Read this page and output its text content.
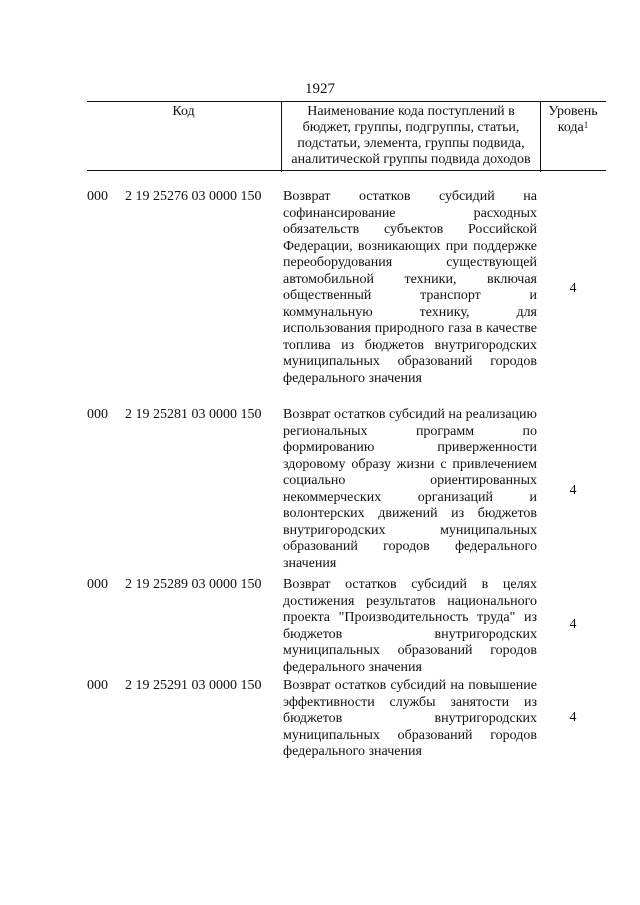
1927
Код	Наименование кода поступлений в бюджет, группы, подгруппы, статьи, подстатьи, элемента, группы подвида, аналитической группы подвида доходов
Уровень кода$^1$
000 2 19 25276 03 0000 150 Возврат остатков субсидий на софинансирование расходных обязательств субъектов Российской Федерации, возникающих при поддержке переоборудования существующей автомобильной техники, включая общественный транспорт и коммунальную технику, для использования природного газа в качестве топлива из бюджетов внутригородских муниципальных образований городов федерального значения
4
000 2 19 25281 03 0000 150 Возврат остатков субсидий на реализацию региональных программ по формированию приверженности здоровому образу жизни с привлечением социально ориентированных некоммерческих организаций и волонтерских движений из бюджетов внутригородских муниципальных образований городов федерального значения
4
000 2 19 25289 03 0000 150 Возврат остатков субсидий в целях достижения результатов национального проекта "Производительность труда" из бюджетов внутригородских муниципальных образований городов федерального значения
4
000 2 19 25291 03 0000 150 Возврат остатков субсидий на повышение эффективности службы занятости из бюджетов внутригородских муниципальных образований городов федерального значения
4
